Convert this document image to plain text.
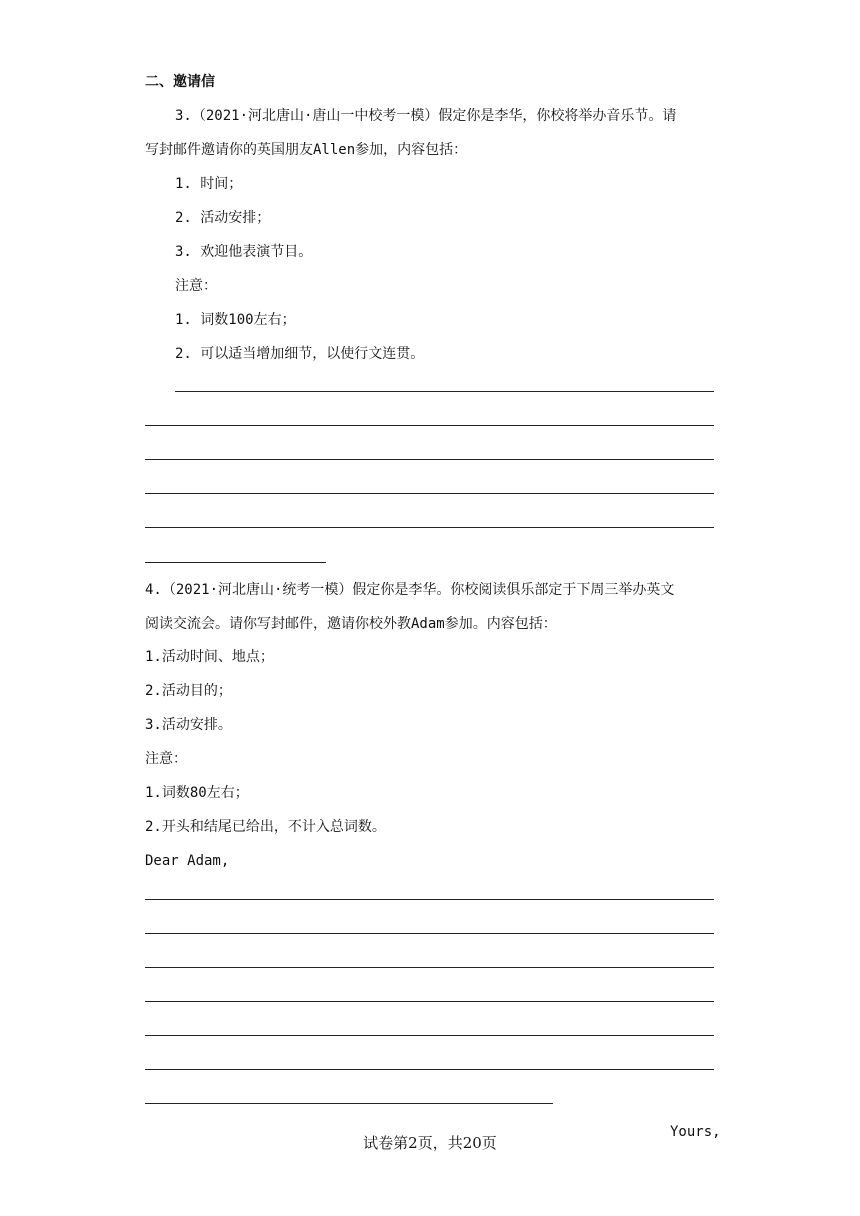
二、邀请信
3.（2021·河北唐山·唐山一中校考一模）假定你是李华，你校将举办音乐节。请
写封邮件邀请你的英国朋友Allen参加，内容包括：
1. 时间；
2. 活动安排；
3. 欢迎他表演节目。
注意：
1. 词数100左右；
2. 可以适当增加细节，以使行文连贯。
4.（2021·河北唐山·统考一模）假定你是李华。你校阅读俱乐部定于下周三举办英文
阅读交流会。请你写封邮件，邀请你校外教Adam参加。内容包括：
1.活动时间、地点；
2.活动目的；
3.活动安排。
注意：
1.词数80左右；
2.开头和结尾已给出，不计入总词数。
Dear Adam,
Yours,
试卷第2页，共20页
